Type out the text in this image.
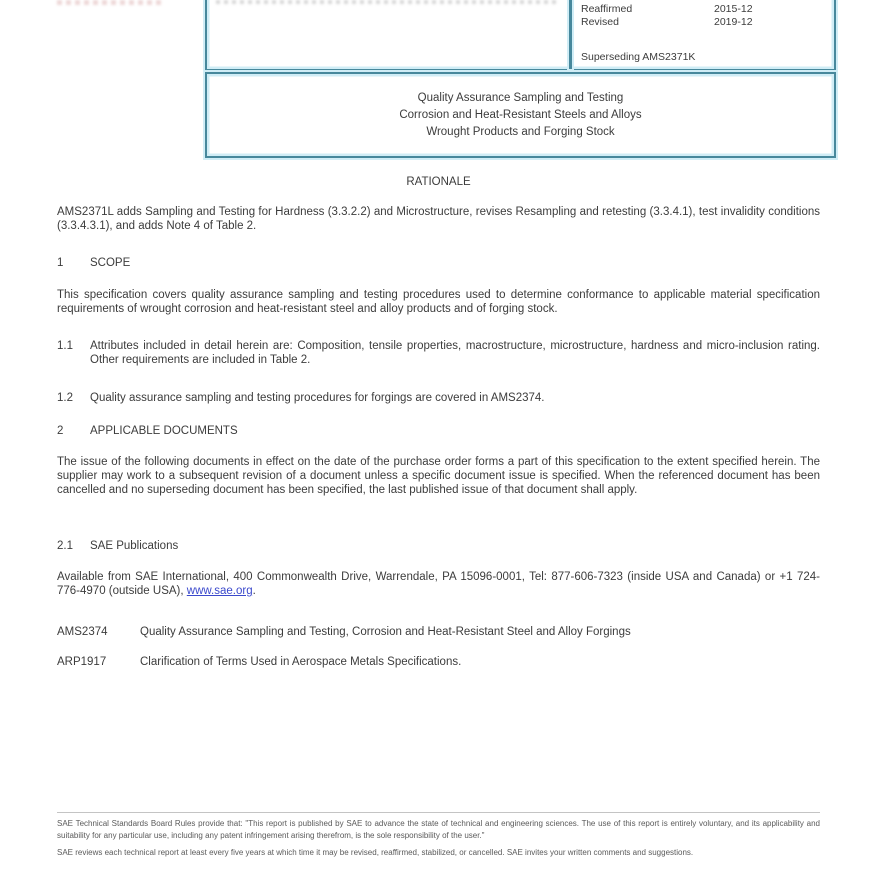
Reaffirmed	2015-12
Revised	2019-12
Superseding AMS2371K
Quality Assurance Sampling and Testing
Corrosion and Heat-Resistant Steels and Alloys
Wrought Products and Forging Stock
RATIONALE

AMS2371L adds Sampling and Testing for Hardness (3.3.2.2) and Microstructure, revises Resampling and retesting (3.3.4.1), test invalidity conditions (3.3.4.3.1), and adds Note 4 of Table 2.

1	SCOPE

This specification covers quality assurance sampling and testing procedures used to determine conformance to applicable material specification requirements of wrought corrosion and heat-resistant steel and alloy products and of forging stock.

1.1	Attributes included in detail herein are: Composition, tensile properties, macrostructure, microstructure, hardness and micro-inclusion rating. Other requirements are included in Table 2.
1.2	Quality assurance sampling and testing procedures for forgings are covered in AMS2374.
2	APPLICABLE DOCUMENTS

The issue of the following documents in effect on the date of the purchase order forms a part of this specification to the extent specified herein. The supplier may work to a subsequent revision of a document unless a specific document issue is specified. When the referenced document has been cancelled and no superseding document has been specified, the last published issue of that document shall apply.

2.1	SAE Publications

Available from SAE International, 400 Commonwealth Drive, Warrendale, PA 15096-0001, Tel: 877-606-7323 (inside USA and Canada) or +1 724-776-4970 (outside USA), www.sae.org.

AMS2374	Quality Assurance Sampling and Testing, Corrosion and Heat-Resistant Steel and Alloy Forgings
ARP1917	Clarification of Terms Used in Aerospace Metals Specifications.

SAE Technical Standards Board Rules provide that: "This report is published by SAE to advance the state of technical and engineering sciences. The use of this report is entirely voluntary, and its applicability and suitability for any particular use, including any patent infringement arising therefrom, is the sole responsibility of the user."

SAE reviews each technical report at least every five years at which time it may be revised, reaffirmed, stabilized, or cancelled. SAE invites your written comments and suggestions.
